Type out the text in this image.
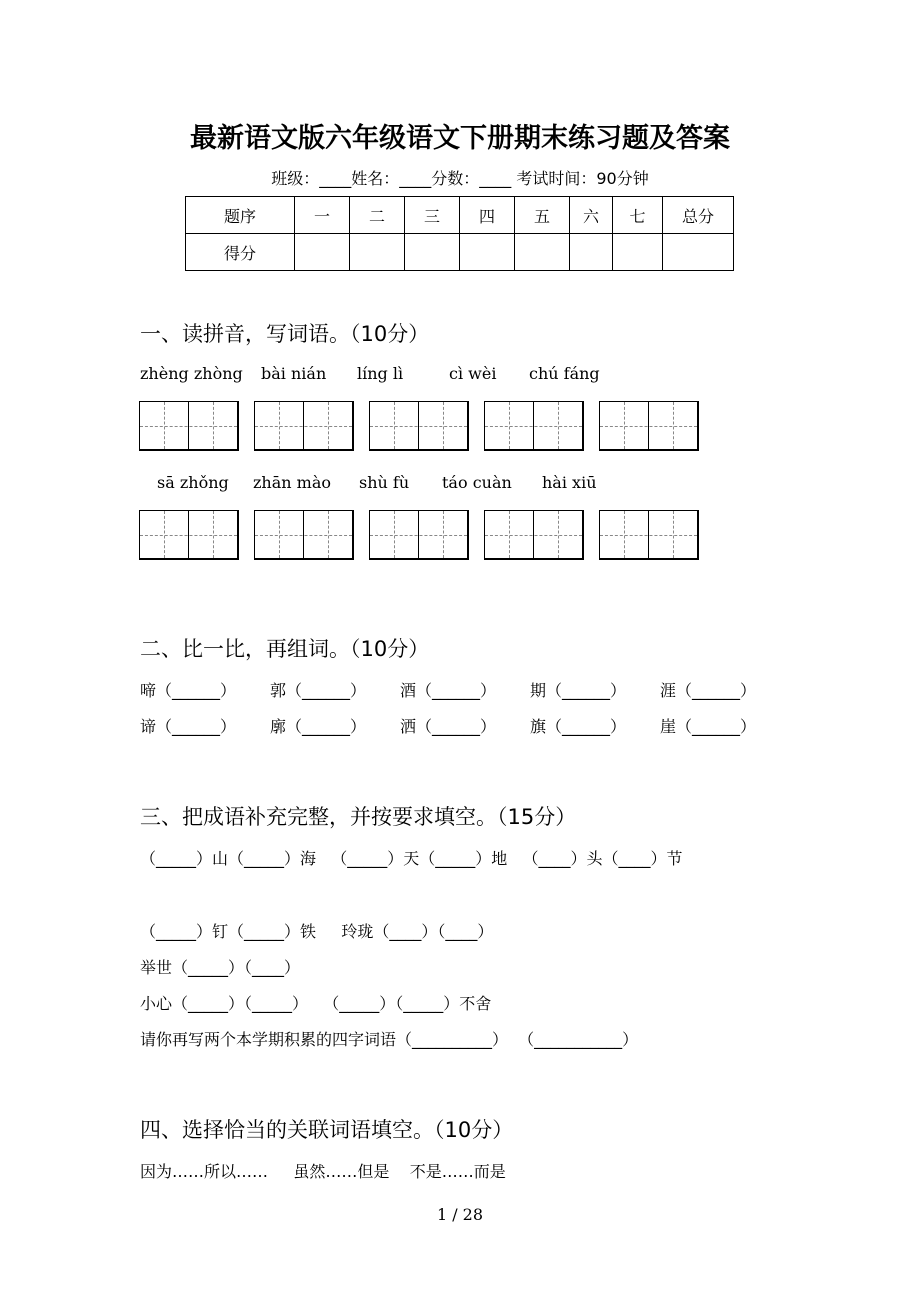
最新语文版六年级语文下册期末练习题及答案
班级：____姓名：____分数：____ 考试时间：90分钟
题序	一	二	三	四	五	六	七	总分
得分								
一、读拼音，写词语。（10分）
zhèng zhòng bài nián líng lì	cì wèi chú fáng
sā zhǒng zhān mào shù fù táo cuàn hài xiū
二、比一比，再组词。（10分）
啼（______） 郭（______） 酒（______） 期（______） 涯（______）
谛（______） 廓（______） 洒（______） 旗（______） 崖（______）
三、把成语补充完整，并按要求填空。（15分）
（_____）山（_____）海   （_____）天（_____）地   （____）头（____）节
（_____）钉（_____）铁     玲珑（____）（____）
举世（_____）（____）
小心（_____）（_____）   （_____）（_____）不舍
请你再写两个本学期积累的四字词语（__________）  （___________）
四、选择恰当的关联词语填空。（10分）
因为……所以……     虽然……但是    不是……而是
1 / 28
